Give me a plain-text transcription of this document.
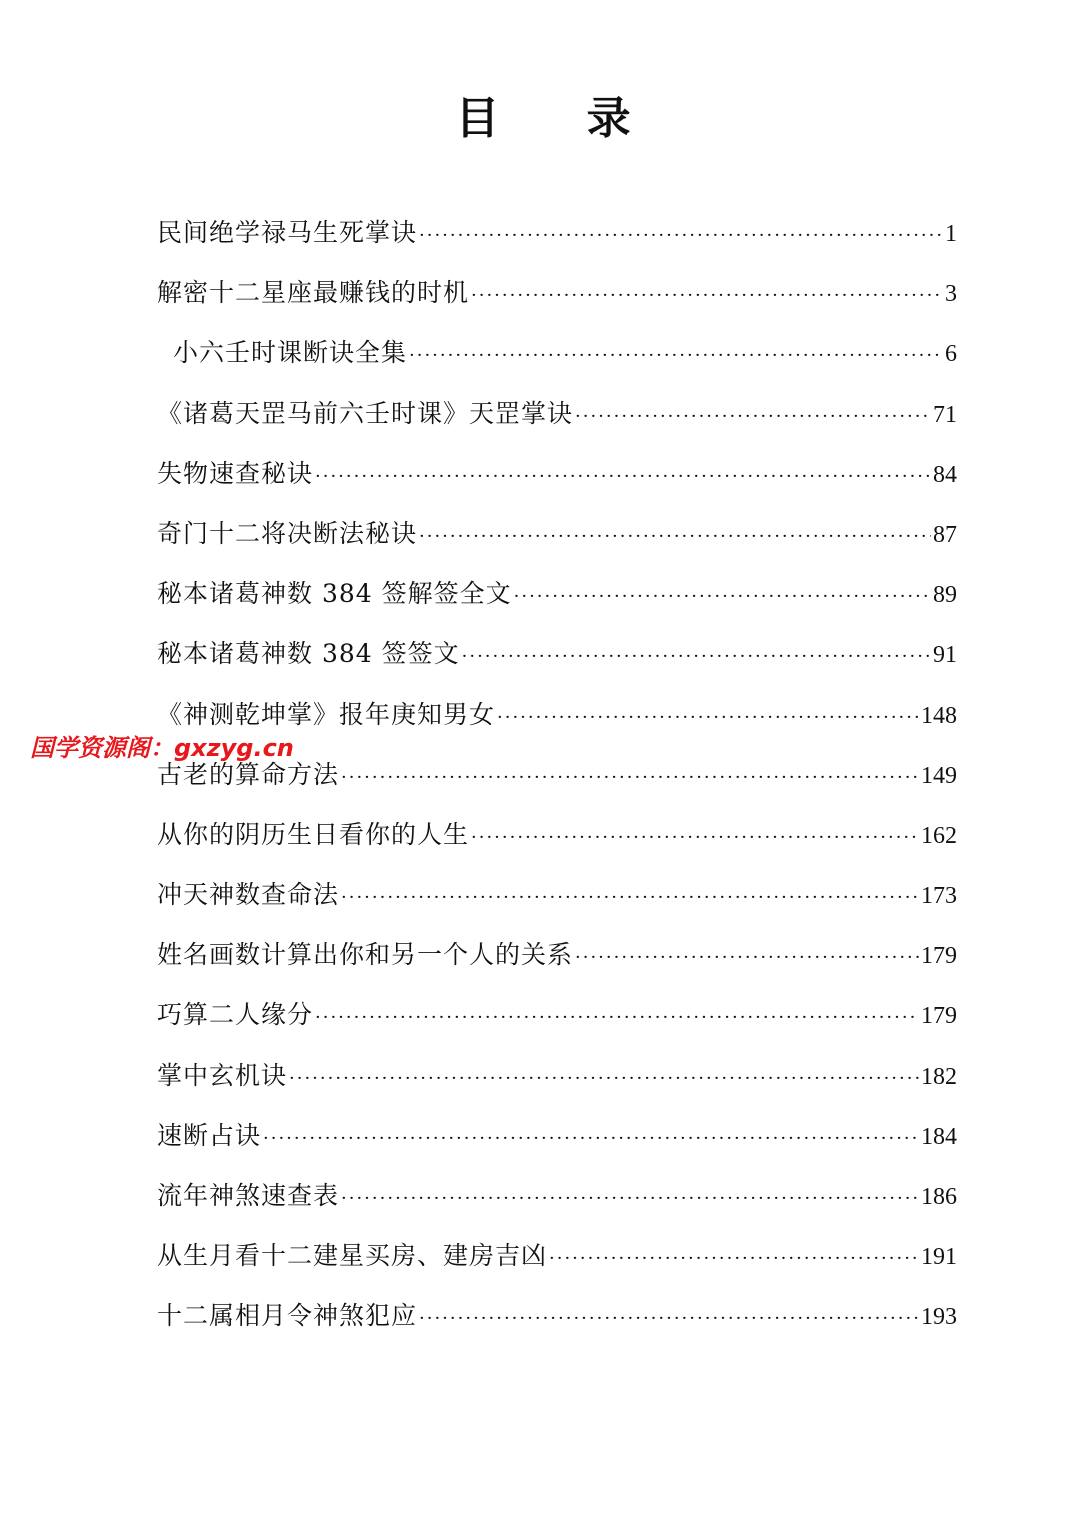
目 录
民间绝学禄马生死掌诀 ·····	1
解密十二星座最赚钱的时机 ·····	3
小六壬时课断诀全集 ·····	6
《诸葛天罡马前六壬时课》天罡掌诀 ·····	71
失物速查秘诀 ·····	84
奇门十二将决断法秘诀 ·····	87
秘本诸葛神数 384 签解签全文 ·····	89
秘本诸葛神数 384 签签文 ·····	91
《神测乾坤掌》报年庚知男女 ·····	148
古老的算命方法 ·····	149
从你的阴历生日看你的人生 ·····	162
冲天神数查命法 ·····	173
姓名画数计算出你和另一个人的关系 ·····	179
巧算二人缘分 ·····	179
掌中玄机诀 ·····	182
速断占诀 ·····	184
流年神煞速查表 ·····	186
从生月看十二建星买房、建房吉凶 ·····	191
十二属相月令神煞犯应 ·····	193
国学资源阁：gxzyg.cn
